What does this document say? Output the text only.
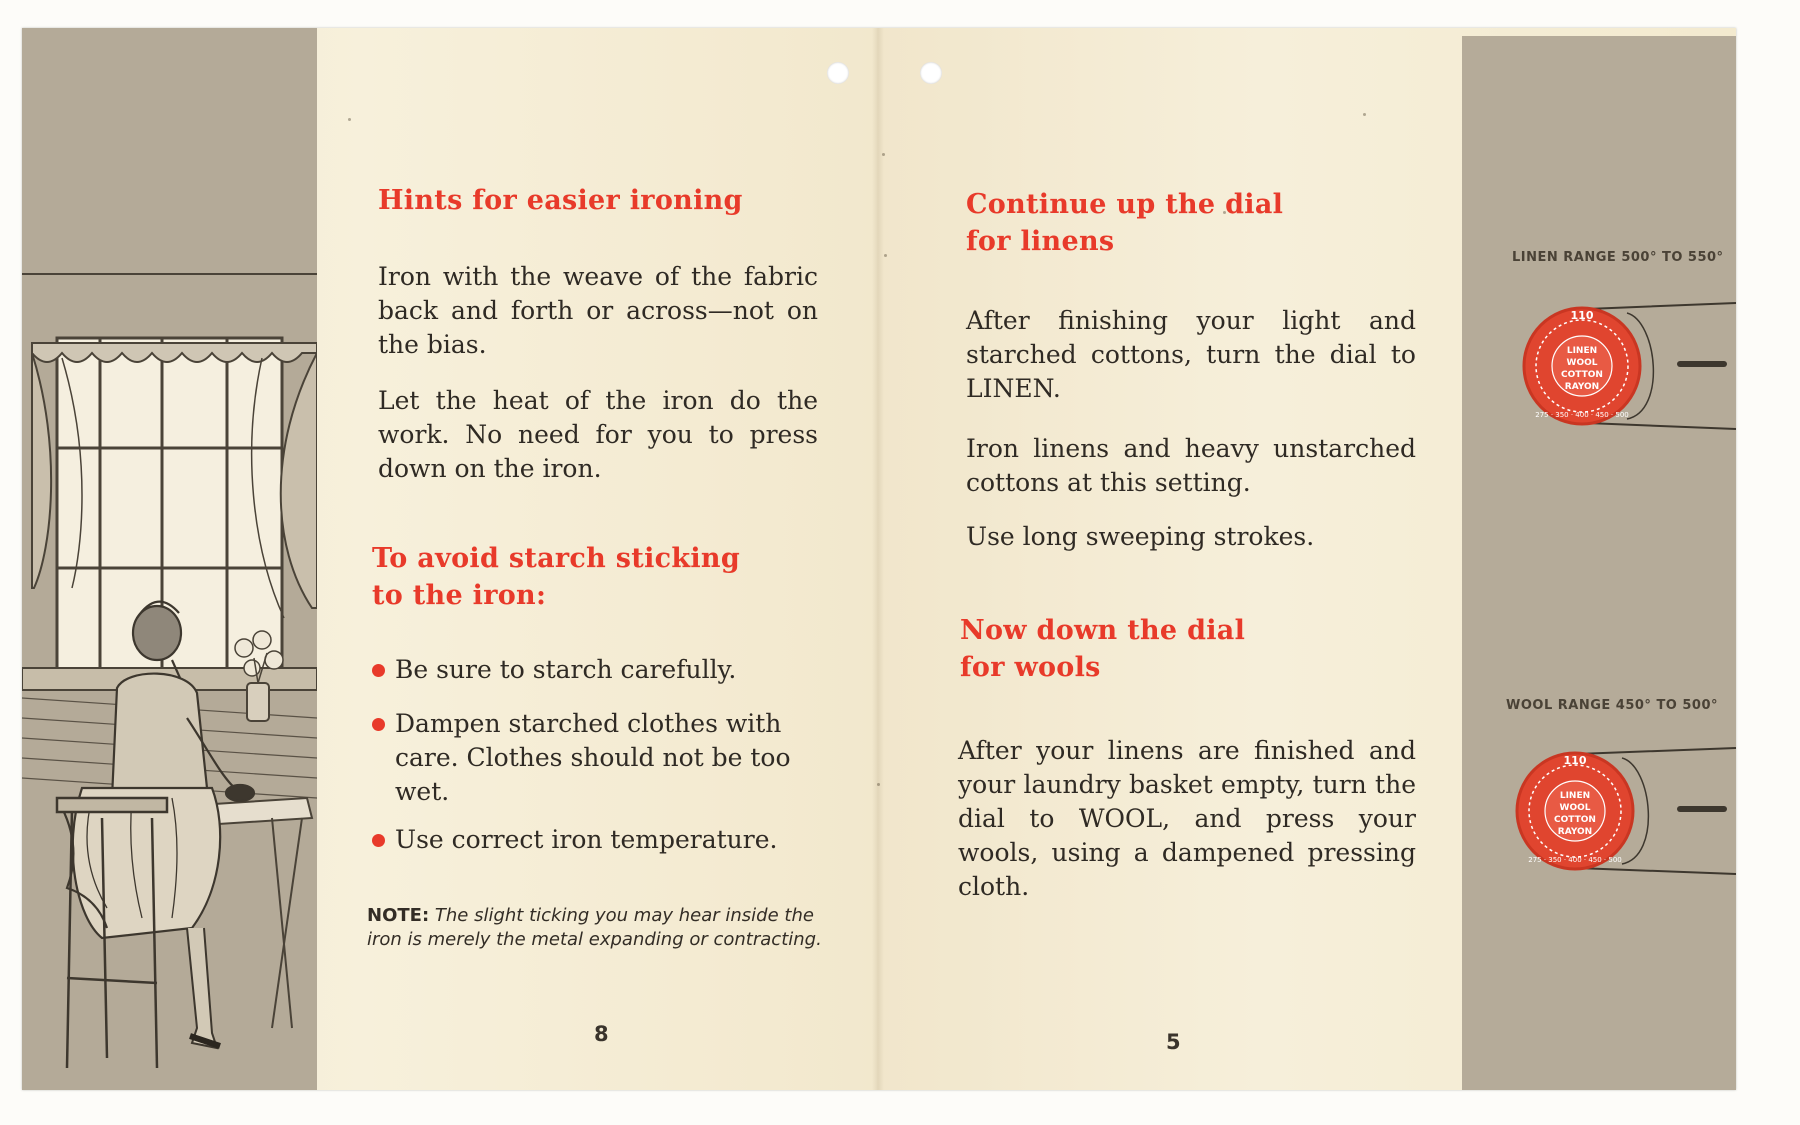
Hints for easier ironing

Iron with the weave of the fabric back and forth or across—not on the bias.

Let the heat of the iron do the work. No need for you to press down on the iron.

To avoid starch sticking
to the iron:
Be sure to starch carefully.
Dampen starched clothes with care. Clothes should not be too wet.
Use correct iron temperature.

NOTE: The slight ticking you may hear inside the iron is merely the metal expanding or contracting.

8
Continue up the dial
for linens

After finishing your light and starched cottons, turn the dial to LINEN.

Iron linens and heavy unstarched cottons at this setting.

Use long sweeping strokes.

Now down the dial
for wools

After your linens are finished and your laundry basket empty, turn the dial to WOOL, and press your wools, using a dampened pressing cloth.

5
LINEN RANGE 500° TO 550°
110
LINEN
WOOL
COTTON
RAYON
275 · 350 · 400 · 450 · 500
WOOL RANGE 450° TO 500°
110
LINEN
WOOL
COTTON
RAYON
275 · 350 · 400 · 450 · 500
